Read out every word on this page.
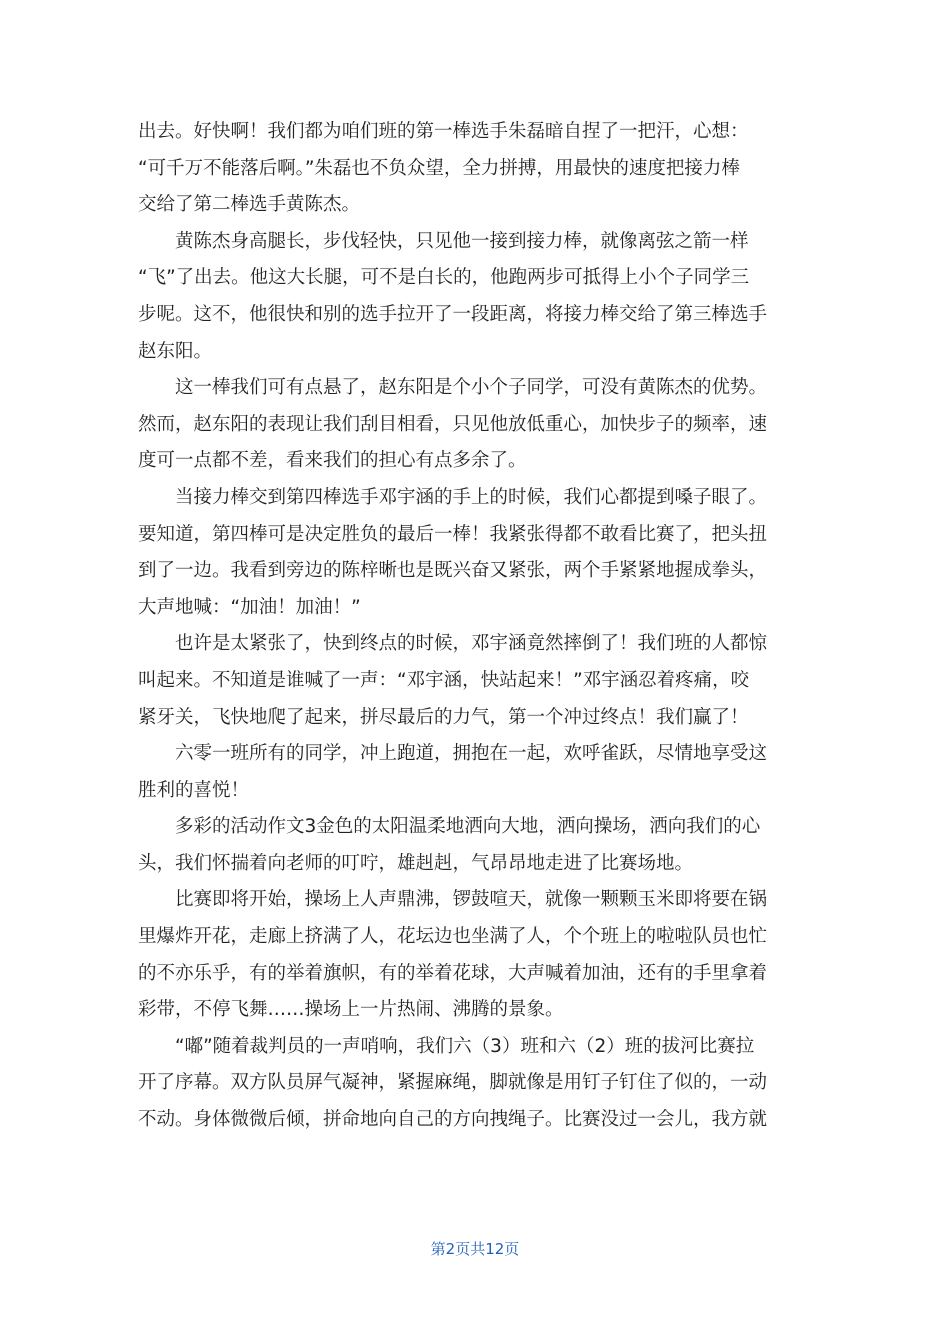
出去。好快啊！我们都为咱们班的第一棒选手朱磊暗自捏了一把汗，心想：
“可千万不能落后啊。”朱磊也不负众望，全力拼搏，用最快的速度把接力棒
交给了第二棒选手黄陈杰。
黄陈杰身高腿长，步伐轻快，只见他一接到接力棒，就像离弦之箭一样
“飞”了出去。他这大长腿，可不是白长的，他跑两步可抵得上小个子同学三
步呢。这不，他很快和别的选手拉开了一段距离，将接力棒交给了第三棒选手
赵东阳。
这一棒我们可有点悬了，赵东阳是个小个子同学，可没有黄陈杰的优势。
然而，赵东阳的表现让我们刮目相看，只见他放低重心，加快步子的频率，速
度可一点都不差，看来我们的担心有点多余了。
当接力棒交到第四棒选手邓宇涵的手上的时候，我们心都提到嗓子眼了。
要知道，第四棒可是决定胜负的最后一棒！我紧张得都不敢看比赛了，把头扭
到了一边。我看到旁边的陈梓晰也是既兴奋又紧张，两个手紧紧地握成拳头，
大声地喊：“加油！加油！”
也许是太紧张了，快到终点的时候，邓宇涵竟然摔倒了！我们班的人都惊
叫起来。不知道是谁喊了一声：“邓宇涵，快站起来！”邓宇涵忍着疼痛，咬
紧牙关，飞快地爬了起来，拼尽最后的力气，第一个冲过终点！我们赢了！
六零一班所有的同学，冲上跑道，拥抱在一起，欢呼雀跃，尽情地享受这
胜利的喜悦！
多彩的活动作文3金色的太阳温柔地洒向大地，洒向操场，洒向我们的心
头，我们怀揣着向老师的叮咛，雄赳赳，气昂昂地走进了比赛场地。
比赛即将开始，操场上人声鼎沸，锣鼓喧天，就像一颗颗玉米即将要在锅
里爆炸开花，走廊上挤满了人，花坛边也坐满了人，个个班上的啦啦队员也忙
的不亦乐乎，有的举着旗帜，有的举着花球，大声喊着加油，还有的手里拿着
彩带，不停飞舞……操场上一片热闹、沸腾的景象。
“嘟”随着裁判员的一声哨响，我们六（3）班和六（2）班的拔河比赛拉
开了序幕。双方队员屏气凝神，紧握麻绳，脚就像是用钉子钉住了似的，一动
不动。身体微微后倾，拼命地向自己的方向拽绳子。比赛没过一会儿，我方就
第2页共12页
